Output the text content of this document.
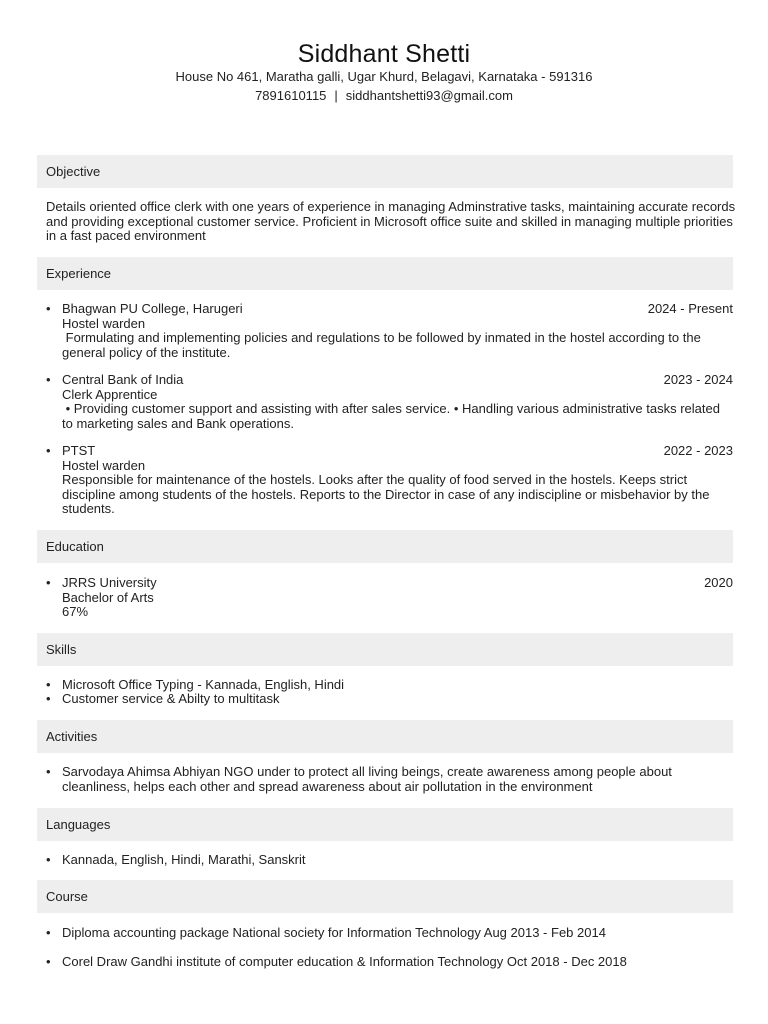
Siddhant Shetti
House No 461, Maratha galli, Ugar Khurd, Belagavi, Karnataka - 591316
7891610115 | siddhantshetti93@gmail.com
Objective
Details oriented office clerk with one years of experience in managing Adminstrative tasks, maintaining accurate records and providing exceptional customer service. Proficient in Microsoft office suite and skilled in managing multiple priorities in a fast paced environment
Experience
• Bhagwan PU College, Harugeri	2024 - Present
Hostel warden
Formulating and implementing policies and regulations to be followed by inmated in the hostel according to the general policy of the institute.
• Central Bank of India	2023 - 2024
Clerk Apprentice
• Providing customer support and assisting with after sales service. • Handling various administrative tasks related to marketing sales and Bank operations.
• PTST	2022 - 2023
Hostel warden
Responsible for maintenance of the hostels. Looks after the quality of food served in the hostels. Keeps strict discipline among students of the hostels. Reports to the Director in case of any indiscipline or misbehavior by the students.
Education
• JRRS University	2020
Bachelor of Arts
67%
Skills
• Microsoft Office Typing - Kannada, English, Hindi
• Customer service & Abilty to multitask
Activities
• Sarvodaya Ahimsa Abhiyan NGO under to protect all living beings, create awareness among people about cleanliness, helps each other and spread awareness about air pollutation in the environment
Languages
• Kannada, English, Hindi, Marathi, Sanskrit
Course
• Diploma accounting package National society for Information Technology Aug 2013 - Feb 2014
• Corel Draw Gandhi institute of computer education & Information Technology Oct 2018 - Dec 2018
